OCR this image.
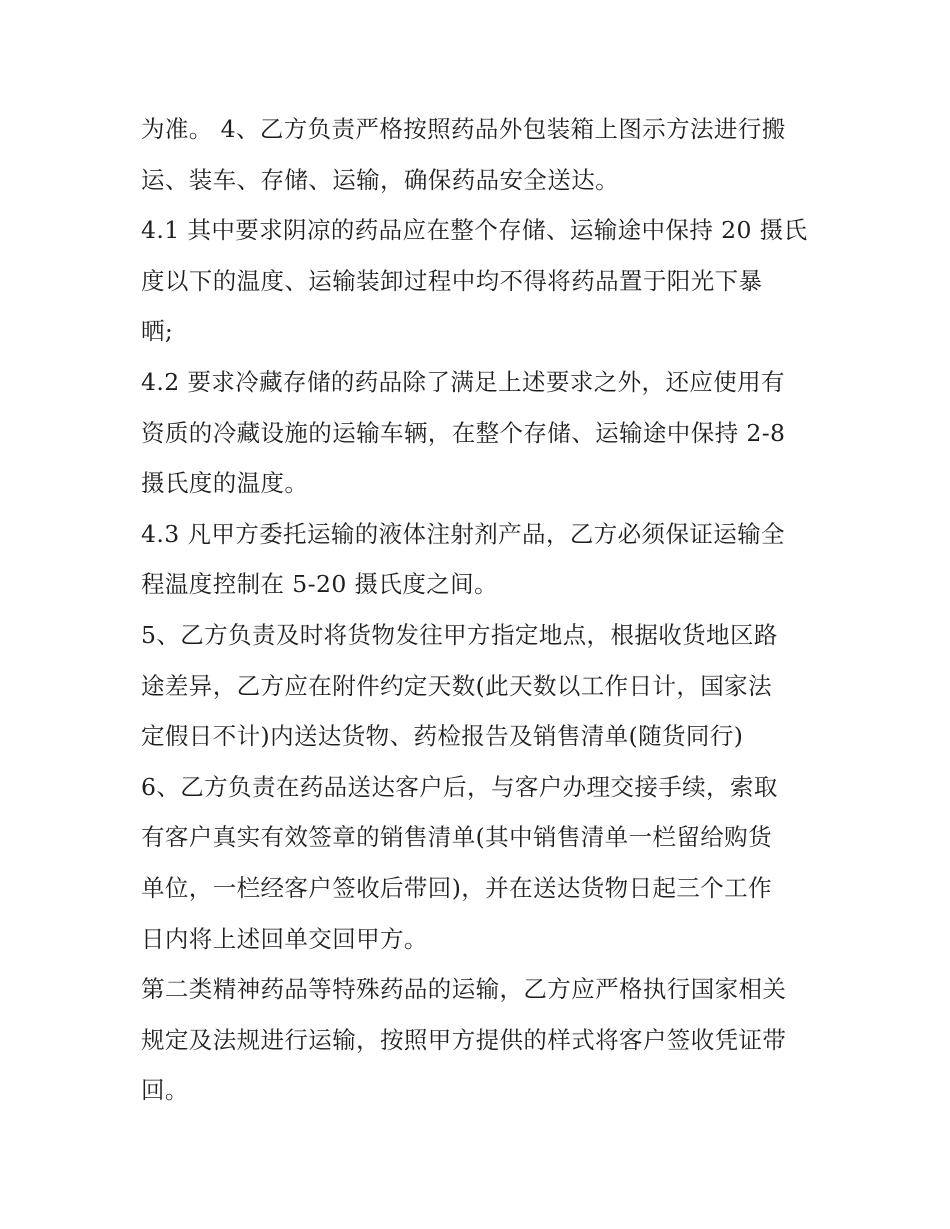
为准。 4、乙方负责严格按照药品外包装箱上图示方法进行搬
运、装车、存储、运输，确保药品安全送达。
4.1 其中要求阴凉的药品应在整个存储、运输途中保持 20 摄氏
度以下的温度、运输装卸过程中均不得将药品置于阳光下暴
晒;
4.2 要求冷藏存储的药品除了满足上述要求之外，还应使用有
资质的冷藏设施的运输车辆，在整个存储、运输途中保持 2-8
摄氏度的温度。
4.3 凡甲方委托运输的液体注射剂产品，乙方必须保证运输全
程温度控制在 5-20 摄氏度之间。
5、乙方负责及时将货物发往甲方指定地点，根据收货地区路
途差异，乙方应在附件约定天数(此天数以工作日计，国家法
定假日不计)内送达货物、药检报告及销售清单(随货同行)
6、乙方负责在药品送达客户后，与客户办理交接手续，索取
有客户真实有效签章的销售清单(其中销售清单一栏留给购货
单位，一栏经客户签收后带回)，并在送达货物日起三个工作
日内将上述回单交回甲方。
第二类精神药品等特殊药品的运输，乙方应严格执行国家相关
规定及法规进行运输，按照甲方提供的样式将客户签收凭证带
回。
